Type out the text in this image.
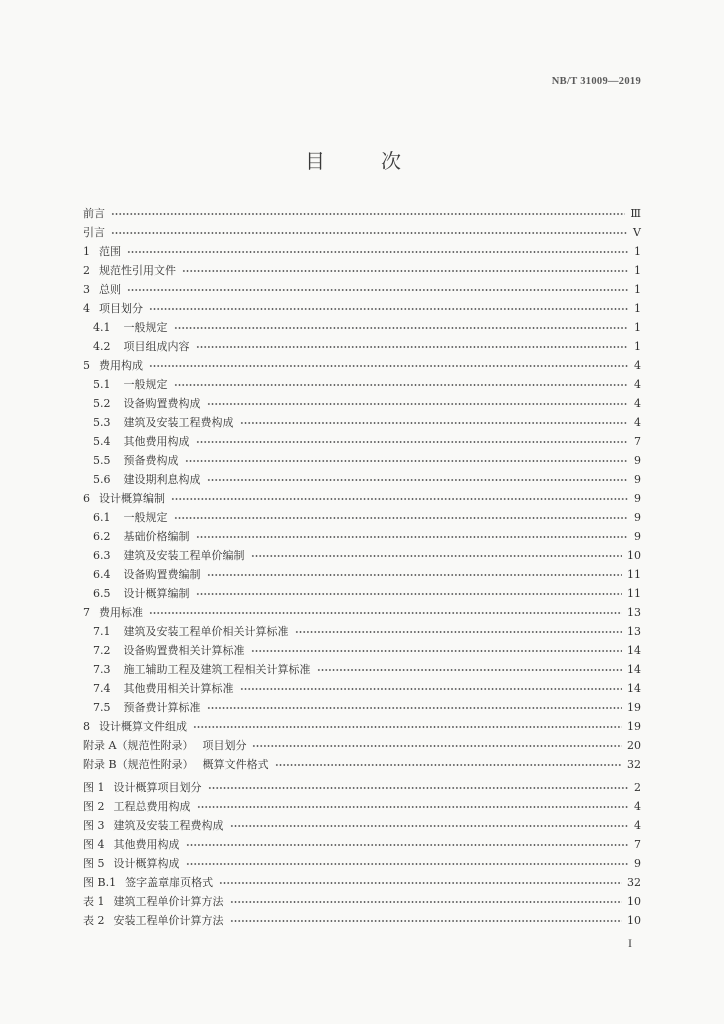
NB/T 31009—2019
目　次
前言	Ⅲ
引言	Ⅴ
1 范围	1
2 规范性引用文件	1
3 总则	1
4 项目划分	1
4.1 一般规定	1
4.2 项目组成内容	1
5 费用构成	4
5.1 一般规定	4
5.2 设备购置费构成	4
5.3 建筑及安装工程费构成	4
5.4 其他费用构成	7
5.5 预备费构成	9
5.6 建设期利息构成	9
6 设计概算编制	9
6.1 一般规定	9
6.2 基础价格编制	9
6.3 建筑及安装工程单价编制	10
6.4 设备购置费编制	11
6.5 设计概算编制	11
7 费用标准	13
7.1 建筑及安装工程单价相关计算标准	13
7.2 设备购置费相关计算标准	14
7.3 施工辅助工程及建筑工程相关计算标准	14
7.4 其他费用相关计算标准	14
7.5 预备费计算标准	19
8 设计概算文件组成	19
附录 A（规范性附录） 项目划分	20
附录 B（规范性附录） 概算文件格式	32
图 1 设计概算项目划分	2
图 2 工程总费用构成	4
图 3 建筑及安装工程费构成	4
图 4 其他费用构成	7
图 5 设计概算构成	9
图 B.1 签字盖章扉页格式	32
表 1 建筑工程单价计算方法	10
表 2 安装工程单价计算方法	10
I
